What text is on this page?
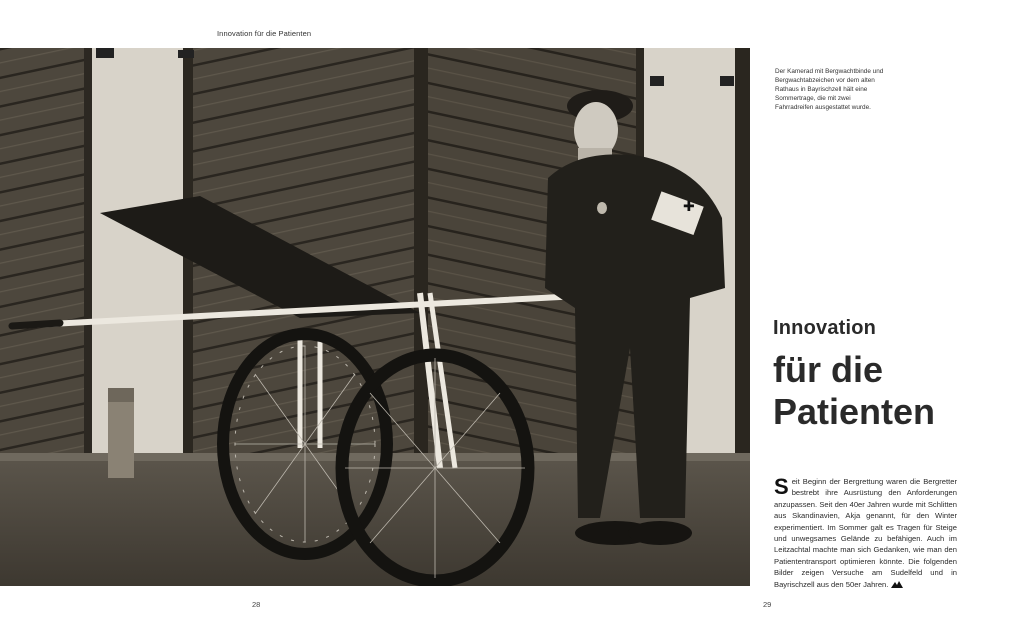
Innovation für die Patienten
✚
Der Kamerad mit Bergwachtbinde und Bergwachtabzeichen vor dem alten Rathaus in Bayrischzell hält eine Sommertrage, die mit zwei Fahrradreifen ausgestattet wurde.
Innovation
für die
Patienten
Seit Beginn der Bergrettung waren die Bergretter bestrebt ihre Ausrüstung den Anforderungen anzupassen. Seit den 40er Jahren wurde mit Schlitten aus Skandinavien, Akja genannt, für den Winter experimentiert. Im Sommer galt es Tragen für Steige und unwegsames Gelände zu befähigen. Auch im Leitzachtal machte man sich Gedanken, wie man den Patiententransport optimieren könnte. Die folgenden Bilder zeigen Versuche am Sudelfeld und in Bayrischzell aus den 50er Jahren.
28	29
